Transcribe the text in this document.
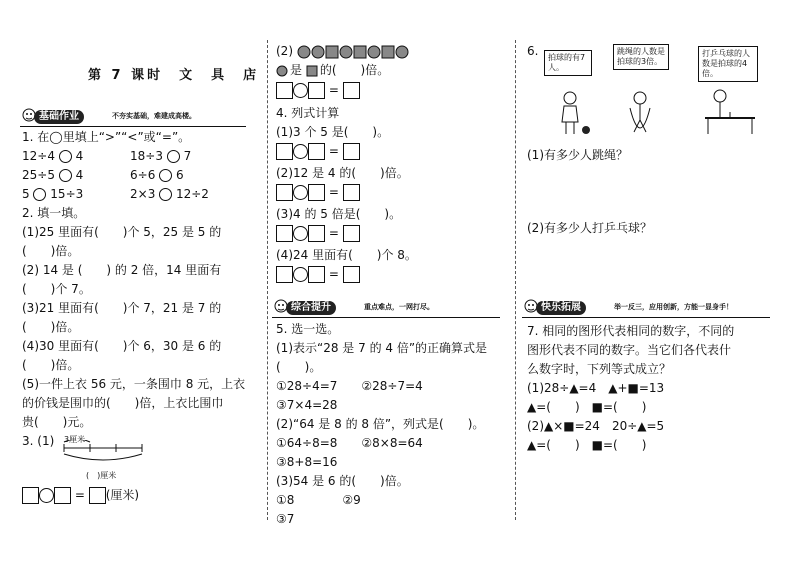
第 7 课时　文　具　店
基础作业	不夯实基础，难建成高楼。
1. 在◯里填上“>”“<”或“=”。
12÷4 4	18÷3 7
25÷5 4	6÷6 6
5 15÷3	2×3 12÷2
2. 填一填。
(1)25 里面有(　　)个 5，25 是 5 的
(　　)倍。
(2) 14 是 (　　) 的 2 倍，14 里面有
(　　)个 7。
(3)21 里面有(　　)个 7，21 是 7 的
(　　)倍。
(4)30 里面有(　　)个 6，30 是 6 的
(　　)倍。
(5)一件上衣 56 元，一条围巾 8 元，上衣
的价钱是围巾的(　　)倍，上衣比围巾
贵(　　)元。
3. (1) 3厘米
(　)厘米
= (厘米)
(2)
是 的(　　)倍。
=
4. 列式计算
(1)3 个 5 是(　　)。
=
(2)12 是 4 的(　　)倍。
=
(3)4 的 5 倍是(　　)。
=
(4)24 里面有(　　)个 8。
=
综合提升	重点难点，一网打尽。
5. 选一选。
(1)表示“28 是 7 的 4 倍”的正确算式是
(　　)。
①28÷4=7　　②28÷7=4
③7×4=28
(2)“64 是 8 的 8 倍”，列式是(　　)。
①64÷8=8　　②8×8=64
③8+8=16
(3)54 是 6 的(　　)倍。
①8　　　　②9
③7
6.	拍球的有7人。
跳绳的人数是拍球的3倍。
打乒乓球的人数是拍球的4倍。
(1)有多少人跳绳？
(2)有多少人打乒乓球？
快乐拓展	举一反三，应用创新，方能一显身手！
7. 相同的图形代表相同的数字，不同的
图形代表不同的数字。当它们各代表什
么数字时，下列等式成立？
(1)28÷▲=4　▲+■=13
▲=(　　)　■=(　　)
(2)▲×■=24　20÷▲=5
▲=(　　)　■=(　　)
